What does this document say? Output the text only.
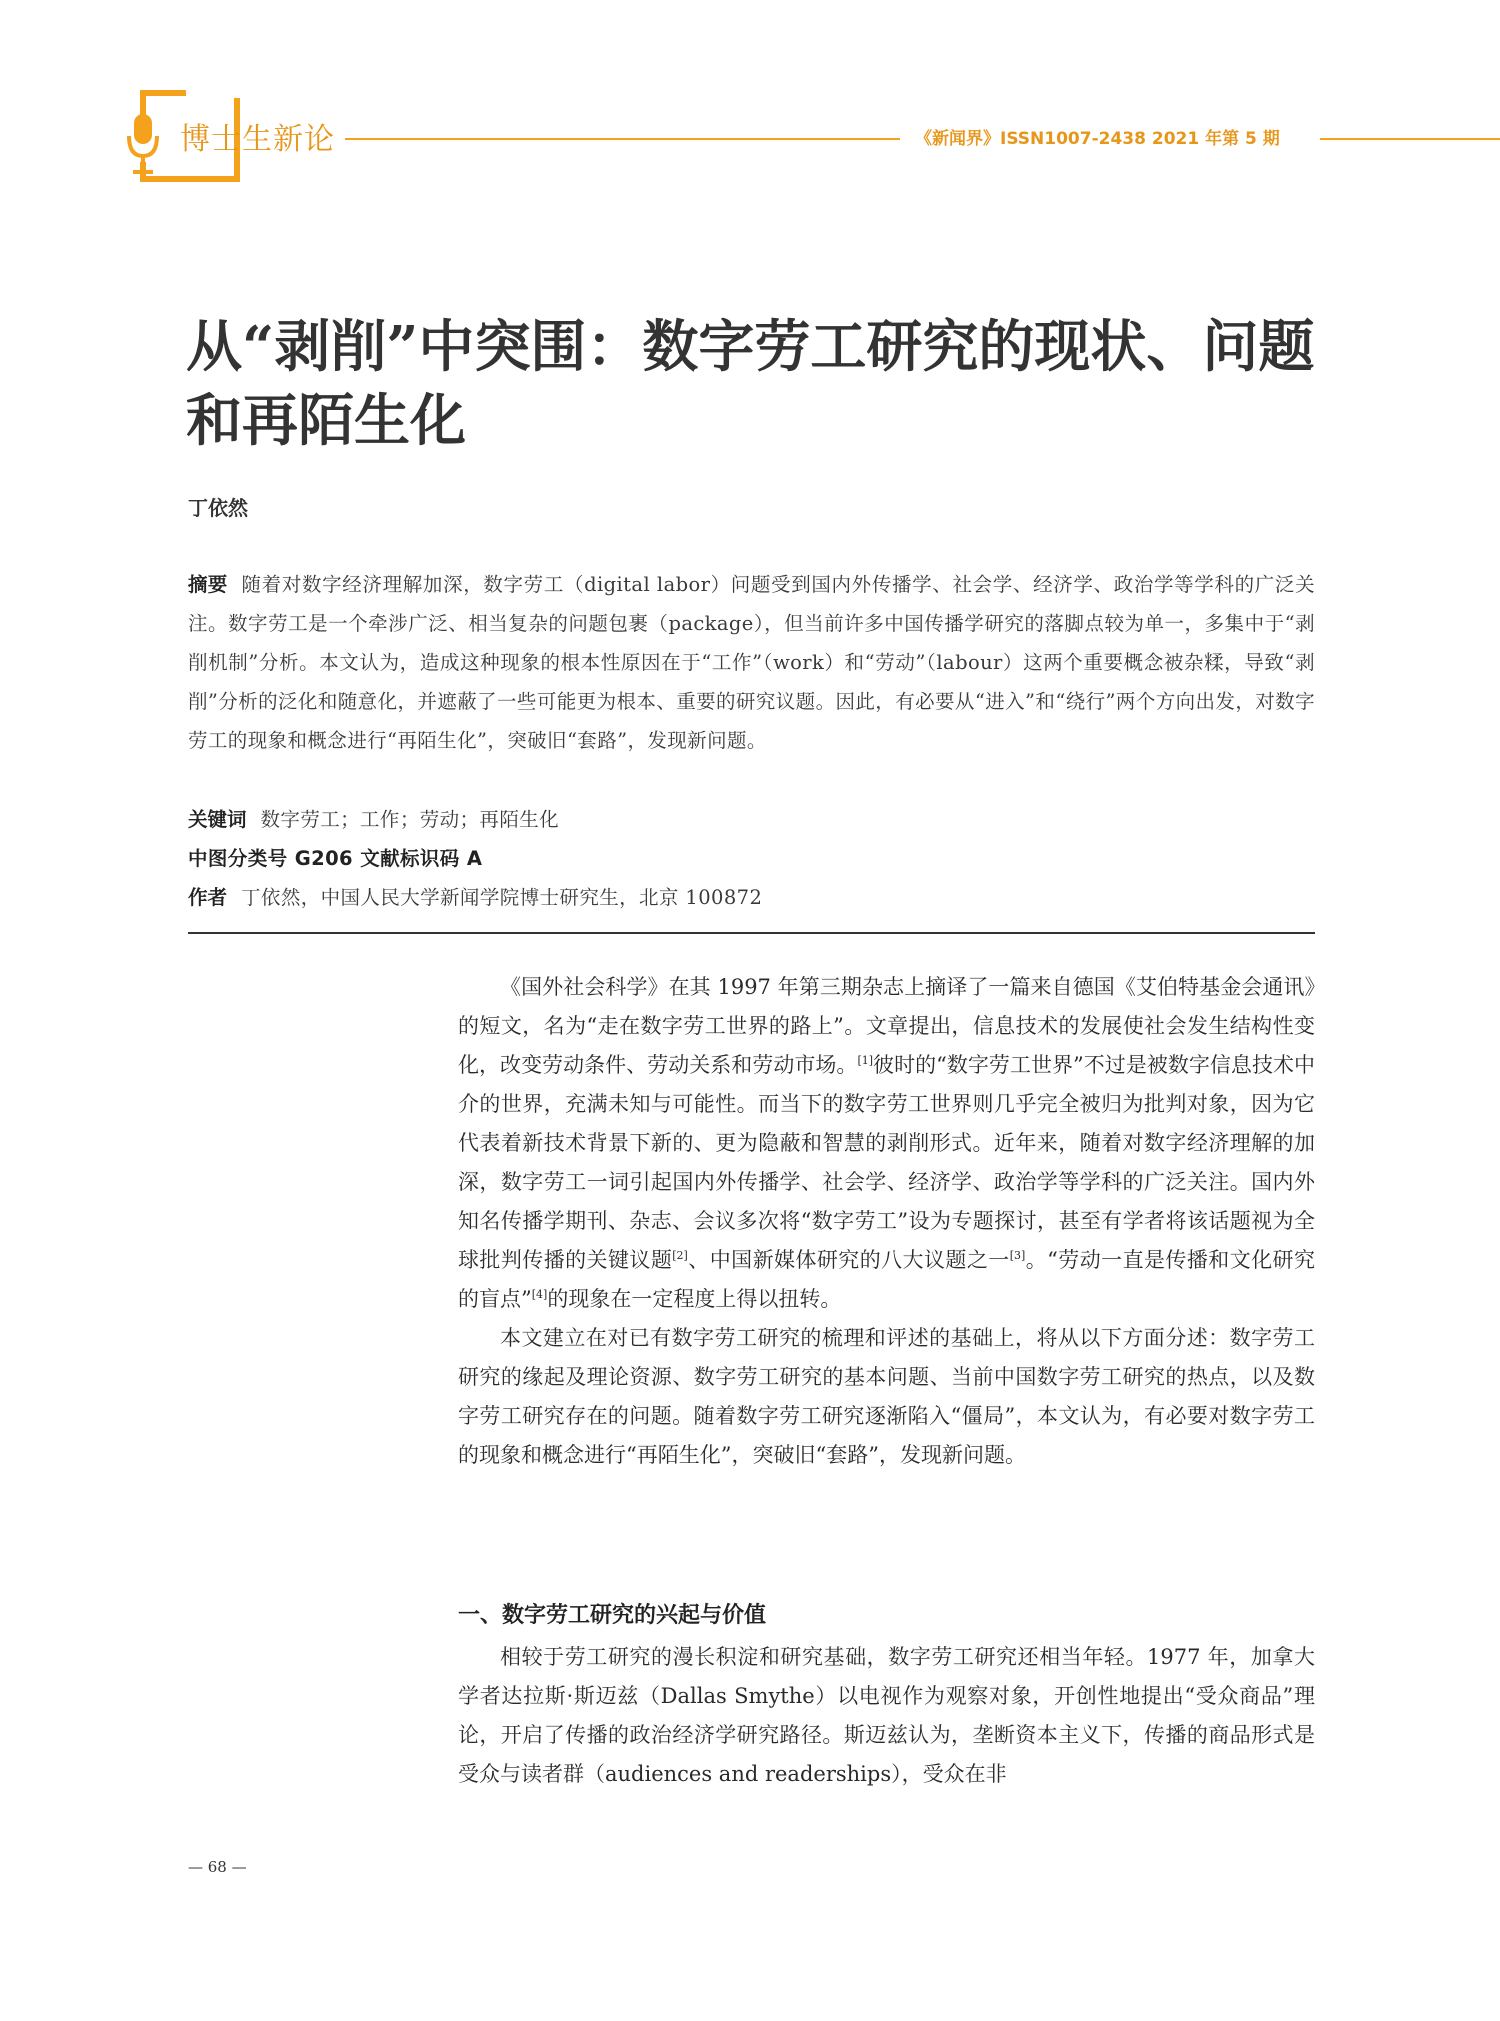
博士生新论	《新闻界》ISSN1007-2438 2021 年第 5 期
从“剥削”中突围：数字劳工研究的现状、问题和再陌生化
丁依然
摘要 随着对数字经济理解加深，数字劳工（digital labor）问题受到国内外传播学、社会学、经济学、政治学等学科的广泛关注。数字劳工是一个牵涉广泛、相当复杂的问题包裹（package），但当前许多中国传播学研究的落脚点较为单一，多集中于“剥削机制”分析。本文认为，造成这种现象的根本性原因在于“工作”（work）和“劳动”（labour）这两个重要概念被杂糅，导致“剥削”分析的泛化和随意化，并遮蔽了一些可能更为根本、重要的研究议题。因此，有必要从“进入”和“绕行”两个方向出发，对数字劳工的现象和概念进行“再陌生化”，突破旧“套路”，发现新问题。
关键词 数字劳工；工作；劳动；再陌生化
中图分类号 G206 文献标识码 A
作者 丁依然，中国人民大学新闻学院博士研究生，北京 100872

《国外社会科学》在其 1997 年第三期杂志上摘译了一篇来自德国《艾伯特基金会通讯》的短文，名为“走在数字劳工世界的路上”。文章提出，信息技术的发展使社会发生结构性变化，改变劳动条件、劳动关系和劳动市场。[1]彼时的“数字劳工世界”不过是被数字信息技术中介的世界，充满未知与可能性。而当下的数字劳工世界则几乎完全被归为批判对象，因为它代表着新技术背景下新的、更为隐蔽和智慧的剥削形式。近年来，随着对数字经济理解的加深，数字劳工一词引起国内外传播学、社会学、经济学、政治学等学科的广泛关注。国内外知名传播学期刊、杂志、会议多次将“数字劳工”设为专题探讨，甚至有学者将该话题视为全球批判传播的关键议题[2]、中国新媒体研究的八大议题之一[3]。“劳动一直是传播和文化研究的盲点”[4]的现象在一定程度上得以扭转。

本文建立在对已有数字劳工研究的梳理和评述的基础上，将从以下方面分述：数字劳工研究的缘起及理论资源、数字劳工研究的基本问题、当前中国数字劳工研究的热点，以及数字劳工研究存在的问题。随着数字劳工研究逐渐陷入“僵局”，本文认为，有必要对数字劳工的现象和概念进行“再陌生化”，突破旧“套路”，发现新问题。

一、数字劳工研究的兴起与价值

相较于劳工研究的漫长积淀和研究基础，数字劳工研究还相当年轻。1977 年，加拿大学者达拉斯·斯迈兹（Dallas Smythe）以电视作为观察对象，开创性地提出“受众商品”理论，开启了传播的政治经济学研究路径。斯迈兹认为，垄断资本主义下，传播的商品形式是受众与读者群（audiences and readerships），受众在非

— 68 —
